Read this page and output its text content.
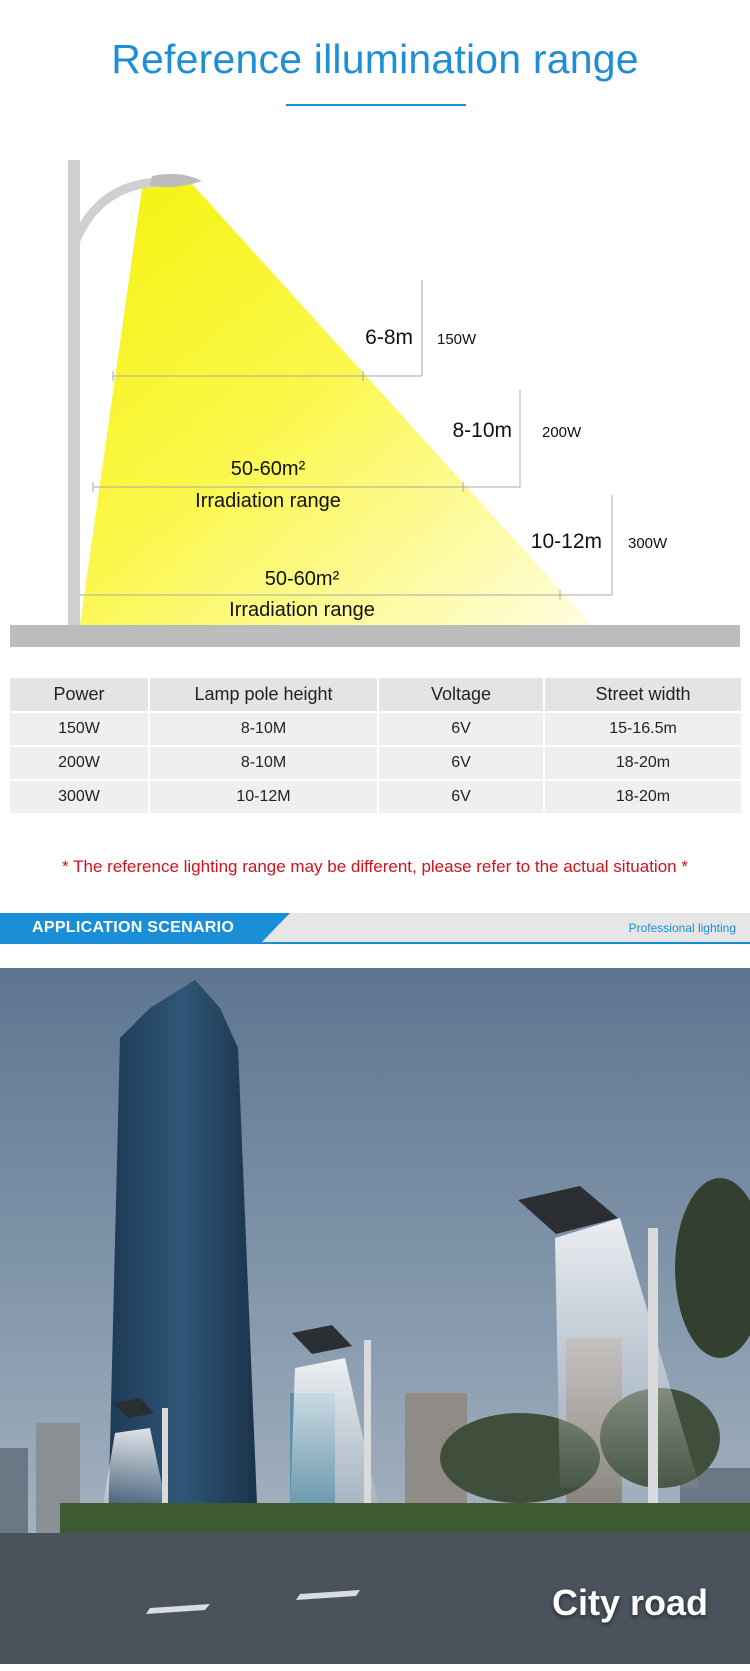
Reference illumination range
6-8m 150W
8-10m 200W
10-12m 300W
50-60m²
Irradiation range
50-60m²
Irradiation range
Power	Lamp pole height	Voltage	Street width
150W	8-10M	6V	15-16.5m
200W	8-10M	6V	18-20m
300W	10-12M	6V	18-20m
* The reference lighting range may be different, please refer to the actual situation *
APPLICATION SCENARIO	Professional lighting
City road
